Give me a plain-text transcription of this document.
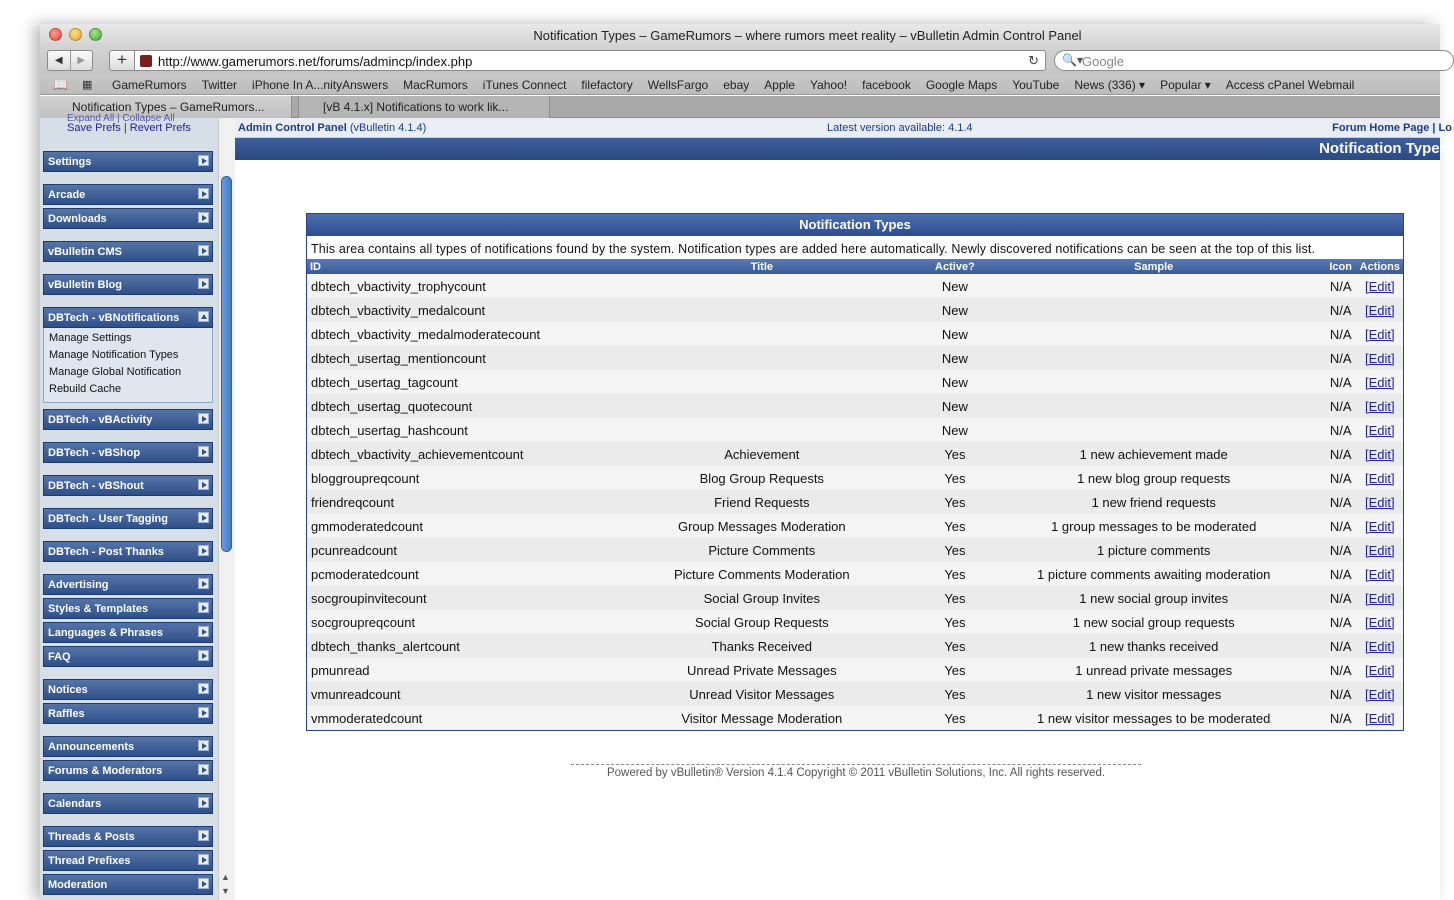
Notification Types – GameRumors – where rumors meet reality – vBulletin Admin Control Panel
◀ ▶	+	http://www.gamerumors.net/forums/admincp/index.php	↻ 🔍▾ Google
📖 ▦ GameRumors Twitter iPhone In A...nityAnswers MacRumors iTunes Connect filefactory WellsFargo ebay Apple Yahoo! facebook Google Maps YouTube News (336) ▾ Popular ▾ Access cPanel Webmail
Notification Types – GameRumors...	[vB 4.1.x] Notifications to work lik...
Expand All | Collapse All
Save Prefs | Revert Prefs
Settings
Arcade
Downloads
vBulletin CMS
vBulletin Blog
DBTech - vBNotifications
Manage Settings
Manage Notification Types
Manage Global Notification
Rebuild Cache
DBTech - vBActivity
DBTech - vBShop
DBTech - vBShout
DBTech - User Tagging
DBTech - Post Thanks
Advertising
Styles & Templates
Languages & Phrases
FAQ
Notices
Raffles
Announcements
Forums & Moderators
Calendars
Threads & Posts
Thread Prefixes
Moderation
▲
▼
Admin Control Panel (vBulletin 4.1.4)	Latest version available: 4.1.4	Forum Home Page | Lo
Notification Types
Notification Types
This area contains all types of notifications found by the system. Notification types are added here automatically. Newly discovered notifications can be seen at the top of this list.
ID	Title	Active?	Sample	Icon	Actions
dbtech_vbactivity_trophycount		New		N/A	[Edit]
dbtech_vbactivity_medalcount		New		N/A	[Edit]
dbtech_vbactivity_medalmoderatecount		New		N/A	[Edit]
dbtech_usertag_mentioncount		New		N/A	[Edit]
dbtech_usertag_tagcount		New		N/A	[Edit]
dbtech_usertag_quotecount		New		N/A	[Edit]
dbtech_usertag_hashcount		New		N/A	[Edit]
dbtech_vbactivity_achievementcount	Achievement	Yes	1 new achievement made	N/A	[Edit]
bloggroupreqcount	Blog Group Requests	Yes	1 new blog group requests	N/A	[Edit]
friendreqcount	Friend Requests	Yes	1 new friend requests	N/A	[Edit]
gmmoderatedcount	Group Messages Moderation	Yes	1 group messages to be moderated	N/A	[Edit]
pcunreadcount	Picture Comments	Yes	1 picture comments	N/A	[Edit]
pcmoderatedcount	Picture Comments Moderation	Yes	1 picture comments awaiting moderation	N/A	[Edit]
socgroupinvitecount	Social Group Invites	Yes	1 new social group invites	N/A	[Edit]
socgroupreqcount	Social Group Requests	Yes	1 new social group requests	N/A	[Edit]
dbtech_thanks_alertcount	Thanks Received	Yes	1 new thanks received	N/A	[Edit]
pmunread	Unread Private Messages	Yes	1 unread private messages	N/A	[Edit]
vmunreadcount	Unread Visitor Messages	Yes	1 new visitor messages	N/A	[Edit]
vmmoderatedcount	Visitor Message Moderation	Yes	1 new visitor messages to be moderated	N/A	[Edit]
Powered by vBulletin® Version 4.1.4 Copyright © 2011 vBulletin Solutions, Inc. All rights reserved.
